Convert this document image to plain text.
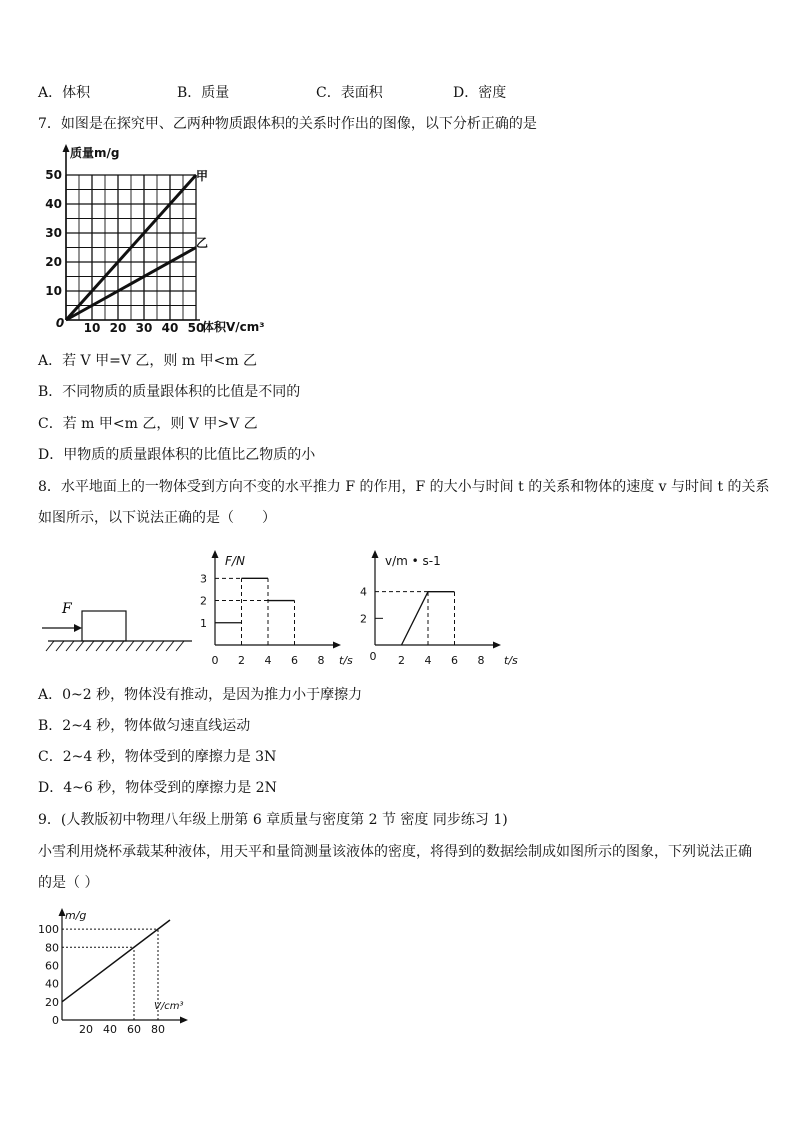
A．体积	B．质量	C．表面积	D．密度
7．如图是在探究甲、乙两种物质跟体积的关系时作出的图像，以下分析正确的是
10
20
30
40
50
0 10 20 30 40 50
质量m/g
体积V/cm³
甲
乙
A．若 V 甲=V 乙，则 m 甲<m 乙
B．不同物质的质量跟体积的比值是不同的
C．若 m 甲<m 乙，则 V 甲>V 乙
D．甲物质的质量跟体积的比值比乙物质的小
8．水平地面上的一物体受到方向不变的水平推力 F 的作用，F 的大小与时间 t 的关系和物体的速度 v 与时间 t 的关系
如图所示，以下说法正确的是（　　）
F
1
2
3
0 2 4 6 8
F/N
t/s
2
4
0 2 4 6 8
v/m • s-1
t/s
A．0~2 秒，物体没有推动，是因为推力小于摩擦力
B．2~4 秒，物体做匀速直线运动
C．2~4 秒，物体受到的摩擦力是 3N
D．4~6 秒，物体受到的摩擦力是 2N
9．(人教版初中物理八年级上册第 6 章质量与密度第 2 节 密度 同步练习 1)
小雪利用烧杯承载某种液体，用天平和量筒测量该液体的密度，将得到的数据绘制成如图所示的图象，下列说法正确
的是（ ）
0
20
40
60
80
100
20 40 60 80
m/g
V/cm³
